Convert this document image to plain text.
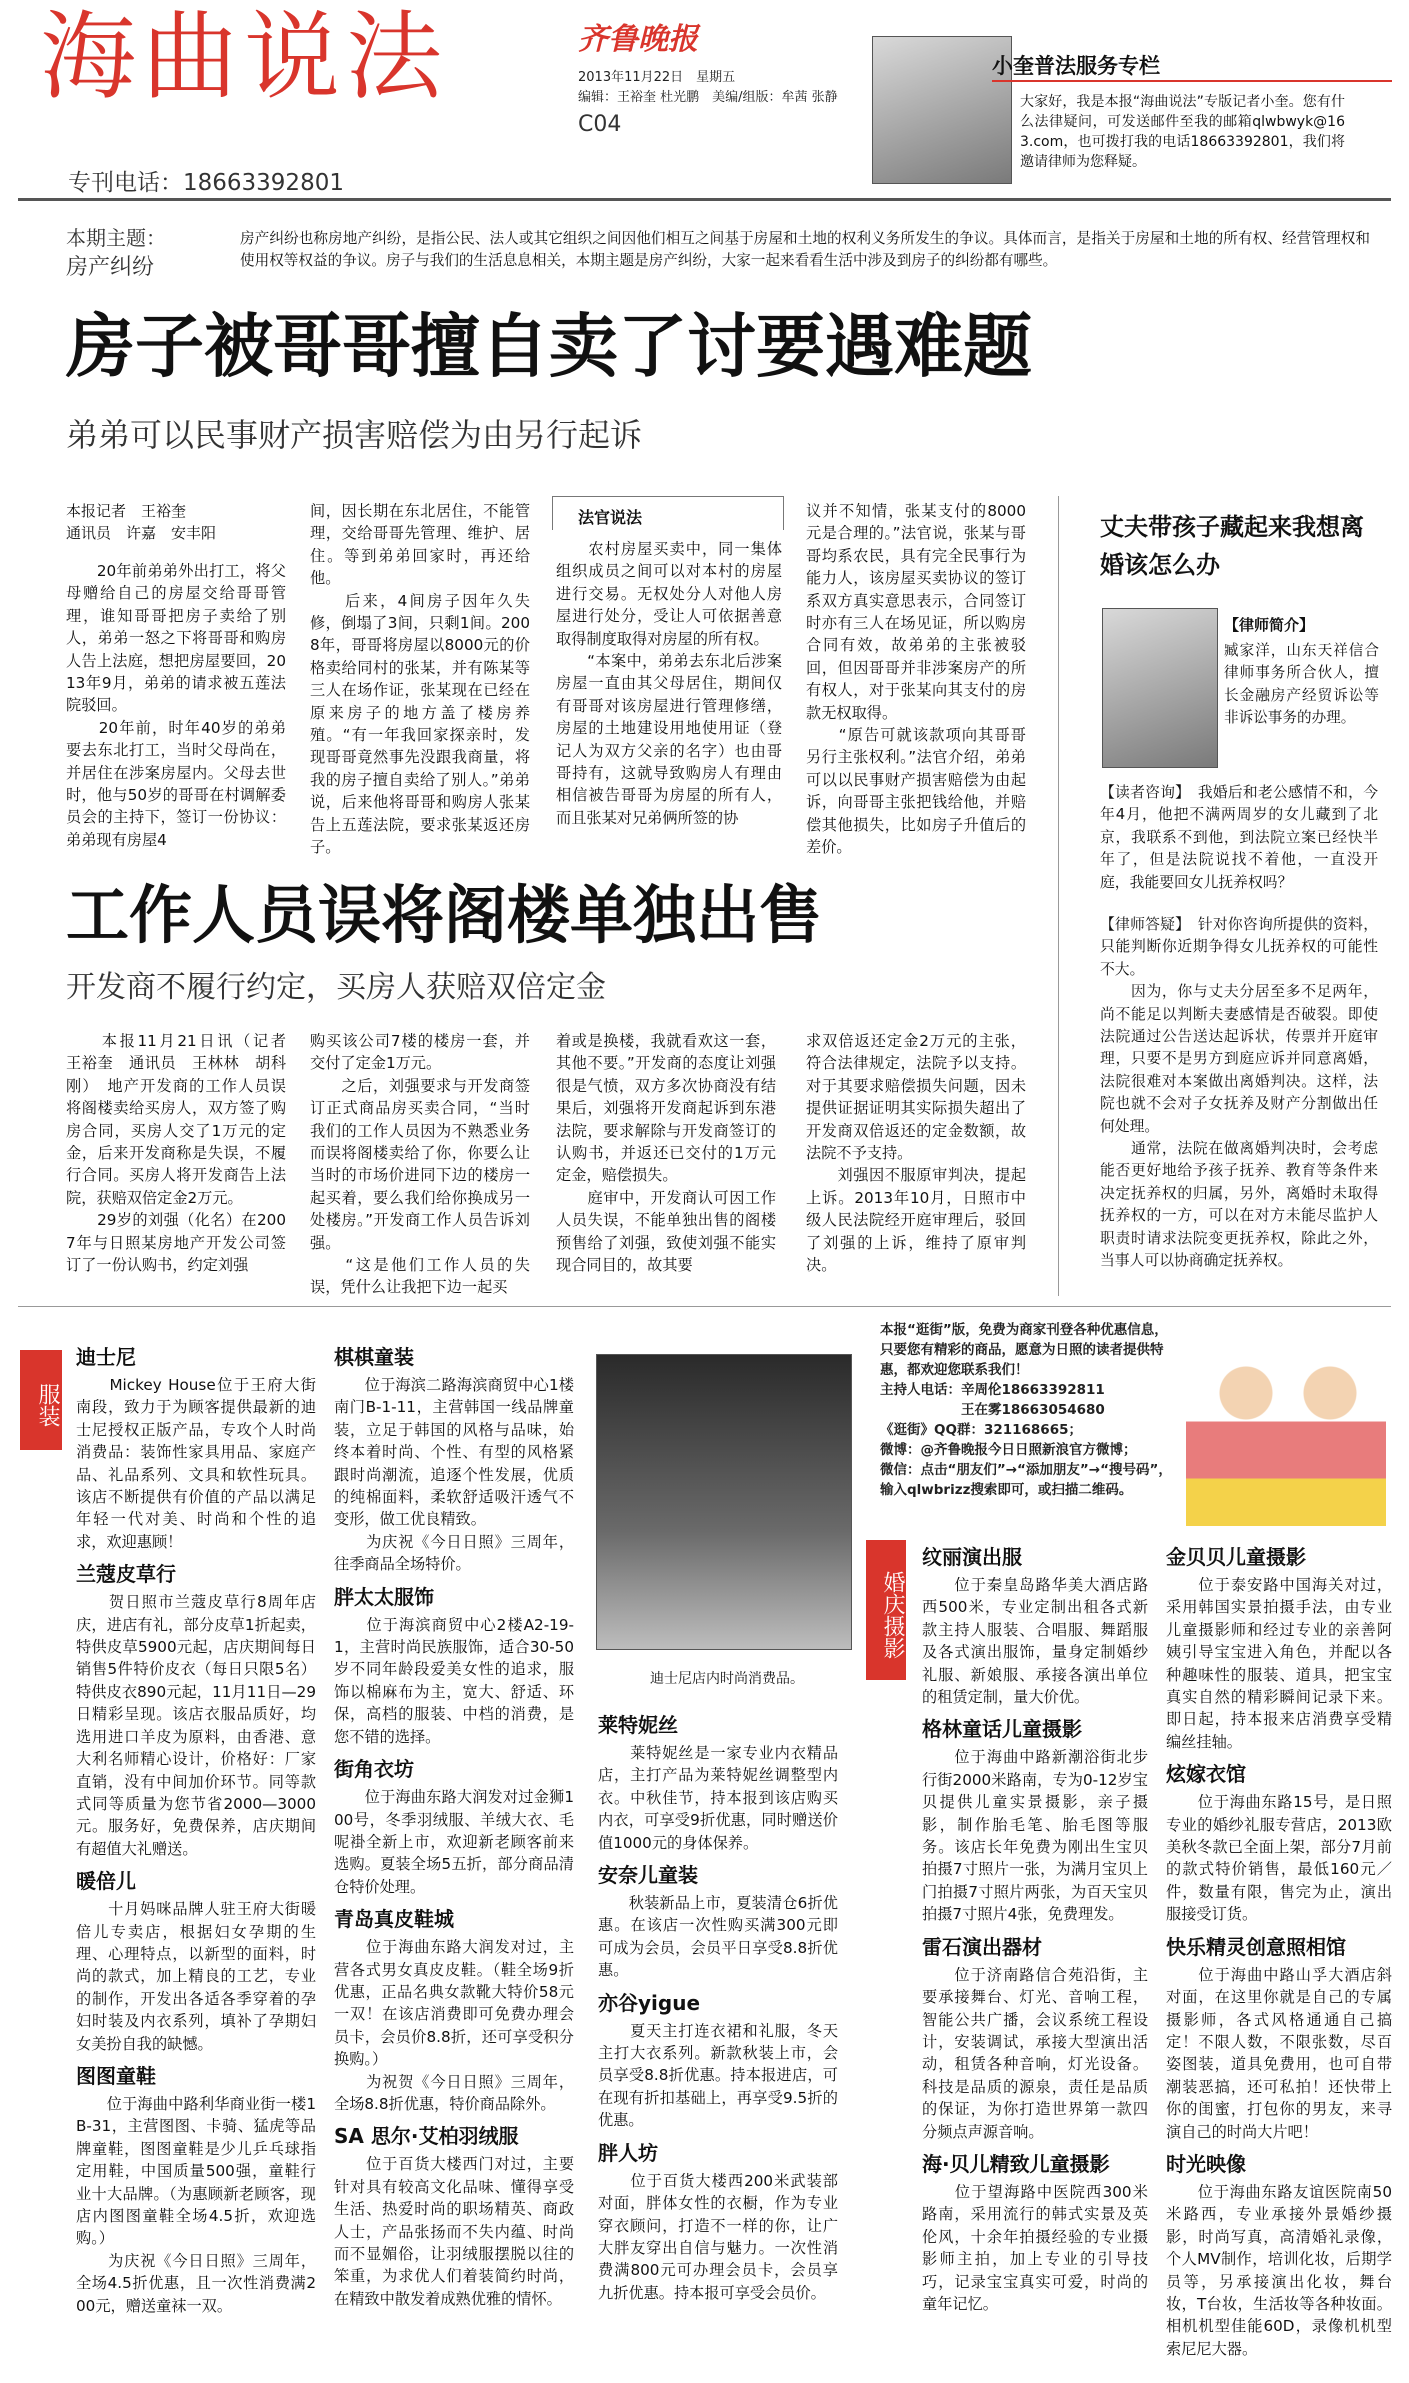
海曲说法	齐鲁晚报
2013年11月22日　星期五
编辑：王裕奎 杜光鹏　美编/组版：牟茜 张静
C04
专刊电话：18663392801
小奎普法服务专栏
大家好，我是本报“海曲说法”专版记者小奎。您有什么法律疑问，可发送邮件至我的邮箱qlwbwyk@163.com，也可拨打我的电话18663392801，我们将邀请律师为您释疑。
本期主题：
房产纠纷
房产纠纷也称房地产纠纷，是指公民、法人或其它组织之间因他们相互之间基于房屋和土地的权利义务所发生的争议。具体而言，是指关于房屋和土地的所有权、经营管理权和使用权等权益的争议。房子与我们的生活息息相关，本期主题是房产纠纷，大家一起来看看生活中涉及到房子的纠纷都有哪些。
房子被哥哥擅自卖了讨要遇难题
弟弟可以民事财产损害赔偿为由另行起诉
本报记者　王裕奎
通讯员　许嘉　安丰阳
　　20年前弟弟外出打工，将父母赠给自己的房屋交给哥哥管理，谁知哥哥把房子卖给了别人，弟弟一怒之下将哥哥和购房人告上法庭，想把房屋要回，2013年9月，弟弟的请求被五莲法院驳回。
　　20年前，时年40岁的弟弟要去东北打工，当时父母尚在，并居住在涉案房屋内。父母去世时，他与50岁的哥哥在村调解委员会的主持下，签订一份协议：弟弟现有房屋4
间，因长期在东北居住，不能管理，交给哥哥先管理、维护、居住。等到弟弟回家时，再还给他。
　　后来，4间房子因年久失修，倒塌了3间，只剩1间。2008年，哥哥将房屋以8000元的价格卖给同村的张某，并有陈某等三人在场作证，张某现在已经在原来房子的地方盖了楼房养殖。“有一年我回家探亲时，发现哥哥竟然事先没跟我商量，将我的房子擅自卖给了别人。”弟弟说，后来他将哥哥和购房人张某告上五莲法院，要求张某返还房子。
法官说法
　　农村房屋买卖中，同一集体组织成员之间可以对本村的房屋进行交易。无权处分人对他人房屋进行处分，受让人可依据善意取得制度取得对房屋的所有权。
　　“本案中，弟弟去东北后涉案房屋一直由其父母居住，期间仅有哥哥对该房屋进行管理修缮，房屋的土地建设用地使用证（登记人为双方父亲的名字）也由哥哥持有，这就导致购房人有理由相信被告哥哥为房屋的所有人，而且张某对兄弟俩所签的协
议并不知情，张某支付的8000元是合理的。”法官说，张某与哥哥均系农民，具有完全民事行为能力人，该房屋买卖协议的签订系双方真实意思表示，合同签订时亦有三人在场见证，所以购房合同有效，故弟弟的主张被驳回，但因哥哥并非涉案房产的所有权人，对于张某向其支付的房款无权取得。
　　“原告可就该款项向其哥哥另行主张权利。”法官介绍，弟弟可以以民事财产损害赔偿为由起诉，向哥哥主张把钱给他，并赔偿其他损失，比如房子升值后的差价。
丈夫带孩子藏起来我想离婚该怎么办
【律师简介】
臧家洋，山东天祥信合律师事务所合伙人，擅长金融房产经贸诉讼等非诉讼事务的办理。
【读者咨询】　我婚后和老公感情不和，今年4月，他把不满两周岁的女儿藏到了北京，我联系不到他，到法院立案已经快半年了，但是法院说找不着他，一直没开庭，我能要回女儿抚养权吗？
【律师答疑】　针对你咨询所提供的资料，只能判断你近期争得女儿抚养权的可能性不大。
　　因为，你与丈夫分居至多不足两年，尚不能足以判断夫妻感情是否破裂。即使法院通过公告送达起诉状，传票并开庭审理，只要不是男方到庭应诉并同意离婚，法院很难对本案做出离婚判决。这样，法院也就不会对子女抚养及财产分割做出任何处理。
　　通常，法院在做离婚判决时，会考虑能否更好地给予孩子抚养、教育等条件来决定抚养权的归属，另外，离婚时未取得抚养权的一方，可以在对方未能尽监护人职责时请求法院变更抚养权，除此之外，当事人可以协商确定抚养权。
工作人员误将阁楼单独出售
开发商不履行约定，买房人获赔双倍定金
　　本报11月21日讯（记者　王裕奎　通讯员　王林林　胡科刚）　地产开发商的工作人员误将阁楼卖给买房人，双方签了购房合同，买房人交了1万元的定金，后来开发商称是失误，不履行合同。买房人将开发商告上法院，获赔双倍定金2万元。
　　29岁的刘强（化名）在2007年与日照某房地产开发公司签订了一份认购书，约定刘强
购买该公司7楼的楼房一套，并交付了定金1万元。
　　之后，刘强要求与开发商签订正式商品房买卖合同，“当时我们的工作人员因为不熟悉业务而误将阁楼卖给了你，你要么让当时的市场价进同下边的楼房一起买着，要么我们给你换成另一处楼房。”开发商工作人员告诉刘强。
　　“这是他们工作人员的失误，凭什么让我把下边一起买
着或是换楼，我就看欢这一套，其他不要。”开发商的态度让刘强很是气愤，双方多次协商没有结果后，刘强将开发商起诉到东港法院，要求解除与开发商签订的认购书，并返还已交付的1万元定金，赔偿损失。
　　庭审中，开发商认可因工作人员失误，不能单独出售的阁楼预售给了刘强，致使刘强不能实现合同目的，故其要
求双倍返还定金2万元的主张，符合法律规定，法院予以支持。对于其要求赔偿损失问题，因未提供证据证明其实际损失超出了开发商双倍返还的定金数额，故法院不予支持。
　　刘强因不服原审判决，提起上诉。2013年10月，日照市中级人民法院经开庭审理后，驳回了刘强的上诉，维持了原审判决。
服装
迪士尼
　　Mickey House位于王府大街南段，致力于为顾客提供最新的迪士尼授权正版产品，专攻个人时尚消费品：装饰性家具用品、家庭产品、礼品系列、文具和软性玩具。该店不断提供有价值的产品以满足年轻一代对美、时尚和个性的追求，欢迎惠顾！
兰蔻皮草行
　　贺日照市兰蔻皮草行8周年店庆，进店有礼，部分皮草1折起卖，特供皮草5900元起，店庆期间每日销售5件特价皮衣（每日只限5名）特供皮衣890元起，11月11日—29日精彩呈现。该店衣服品质好，均选用进口羊皮为原料，由香港、意大利名师精心设计，价格好：厂家直销，没有中间加价环节。同等款式同等质量为您节省2000—3000元。服务好，免费保养，店庆期间有超值大礼赠送。
暖倍儿
　　十月妈咪品牌人驻王府大街暖倍儿专卖店，根据妇女孕期的生理、心理特点，以新型的面料，时尚的款式，加上精良的工艺，专业的制作，开发出各适各季穿着的孕妇时装及内衣系列，填补了孕期妇女美扮自我的缺憾。
图图童鞋
　　位于海曲中路利华商业街一楼1B-31，主营图图、卡骑、猛虎等品牌童鞋，图图童鞋是少儿乒乓球指定用鞋，中国质量500强，童鞋行业十大品牌。（为惠顾新老顾客，现店内图图童鞋全场4.5折，欢迎选购。）
　　为庆祝《今日日照》三周年，全场4.5折优惠，且一次性消费满200元，赠送童袜一双。
棋棋童装
　　位于海滨二路海滨商贸中心1楼南门B-1-11，主营韩国一线品牌童装，立足于韩国的风格与品味，始终本着时尚、个性、有型的风格紧跟时尚潮流，追逐个性发展，优质的纯棉面料，柔软舒适吸汗透气不变形，做工优良精致。
　　为庆祝《今日日照》三周年，往季商品全场特价。
胖太太服饰
　　位于海滨商贸中心2楼A2-19-1，主营时尚民族服饰，适合30-50岁不同年龄段爱美女性的追求，服饰以棉麻布为主，宽大、舒适、环保，高档的服装、中档的消费，是您不错的选择。
街角衣坊
　　位于海曲东路大润发对过金狮100号，冬季羽绒服、羊绒大衣、毛呢褂全新上市，欢迎新老顾客前来选购。夏装全场5五折，部分商品清仓特价处理。
青岛真皮鞋城
　　位于海曲东路大润发对过，主营各式男女真皮皮鞋。（鞋全场9折优惠，正品名典女款靴大特价58元一双！在该店消费即可免费办理会员卡，会员价8.8折，还可享受积分换购。）
　　为祝贺《今日日照》三周年，全场8.8折优惠，特价商品除外。
SA 思尔·艾柏羽绒服
　　位于百货大楼西门对过，主要针对具有较高文化品味、懂得享受生活、热爱时尚的职场精英、商政人士，产品张扬而不失内蕴、时尚而不显媚俗，让羽绒服摆脱以往的笨重，为求优人们着装简约时尚，在精致中散发着成熟优雅的情怀。
迪士尼店内时尚消费品。
莱特妮丝
　　莱特妮丝是一家专业内衣精品店，主打产品为莱特妮丝调整型内衣。中秋佳节，持本报到该店购买内衣，可享受9折优惠，同时赠送价值1000元的身体保养。
安奈儿童装
　　秋装新品上市，夏装清仓6折优惠。在该店一次性购买满300元即可成为会员，会员平日享受8.8折优惠。
亦谷yigue
　　夏天主打连衣裙和礼服，冬天主打大衣系列。新款秋装上市，会员享受8.8折优惠。持本报进店，可在现有折扣基础上，再享受9.5折的优惠。
胖人坊
　　位于百货大楼西200米武装部对面，胖体女性的衣橱，作为专业穿衣顾问，打造不一样的你，让广大胖友穿出自信与魅力。一次性消费满800元可办理会员卡，会员享九折优惠。持本报可享受会员价。
本报“逛街”版，免费为商家刊登各种优惠信息，只要您有精彩的商品，愿意为日照的读者提供特惠，都欢迎您联系我们！
主持人电话：辛周伦18663392811
　　　　　　王在雾18663054680
《逛街》QQ群：321168665；
微博：@齐鲁晚报今日日照新浪官方微博；
微信：点击“朋友们”→“添加朋友”→“搜号码”，输入qlwbrizz搜索即可，或扫描二维码。
婚庆摄影
纹丽演出服
　　位于秦皇岛路华美大酒店路西500米，专业定制出租各式新款主持人服装、合唱服、舞蹈服及各式演出服饰，量身定制婚纱礼服、新娘服、承接各演出单位的租赁定制，量大价优。
格林童话儿童摄影
　　位于海曲中路新潮浴街北步行街2000米路南，专为0-12岁宝贝提供儿童实景摄影，亲子摄影，制作胎毛笔、胎毛图等服务。该店长年免费为刚出生宝贝拍摄7寸照片一张，为满月宝贝上门拍摄7寸照片两张，为百天宝贝拍摄7寸照片4张，免费理发。
雷石演出器材
　　位于济南路信合苑沿街，主要承接舞台、灯光、音响工程，智能公共广播，会议系统工程设计，安装调试，承接大型演出活动，租赁各种音响，灯光设备。科技是品质的源泉，责任是品质的保证，为你打造世界第一款四分频点声源音响。
海·贝儿精致儿童摄影
　　位于望海路中医院西300米路南，采用流行的韩式实景及英伦风，十余年拍摄经验的专业摄影师主拍，加上专业的引导技巧，记录宝宝真实可爱，时尚的童年记忆。
金贝贝儿童摄影
　　位于泰安路中国海关对过，采用韩国实景拍摄手法，由专业儿童摄影师和经过专业的亲善阿姨引导宝宝进入角色，并配以各种趣味性的服装、道具，把宝宝真实自然的精彩瞬间记录下来。即日起，持本报来店消费享受精编丝挂轴。
炫嫁衣馆
　　位于海曲东路15号，是日照专业的婚纱礼服专营店，2013欧美秋冬款已全面上架，部分7月前的款式特价销售，最低160元／件，数量有限，售完为止，演出服接受订货。
快乐精灵创意照相馆
　　位于海曲中路山孚大酒店斜对面，在这里你就是自己的专属摄影师，各式风格通通自己搞定！不限人数，不限张数，尽百姿图装，道具免费用，也可自带潮装恶搞，还可私拍！还快带上你的闺蜜，打包你的男友，来寻演自己的时尚大片吧！
时光映像
　　位于海曲东路友谊医院南50米路西，专业承接外景婚纱摄影，时尚写真，高清婚礼录像，个人MV制作，培训化妆，后期学员等，另承接演出化妆，舞台妆，T台妆，生活妆等各种妆面。相机机型佳能60D，录像机机型索尼尼大器。
